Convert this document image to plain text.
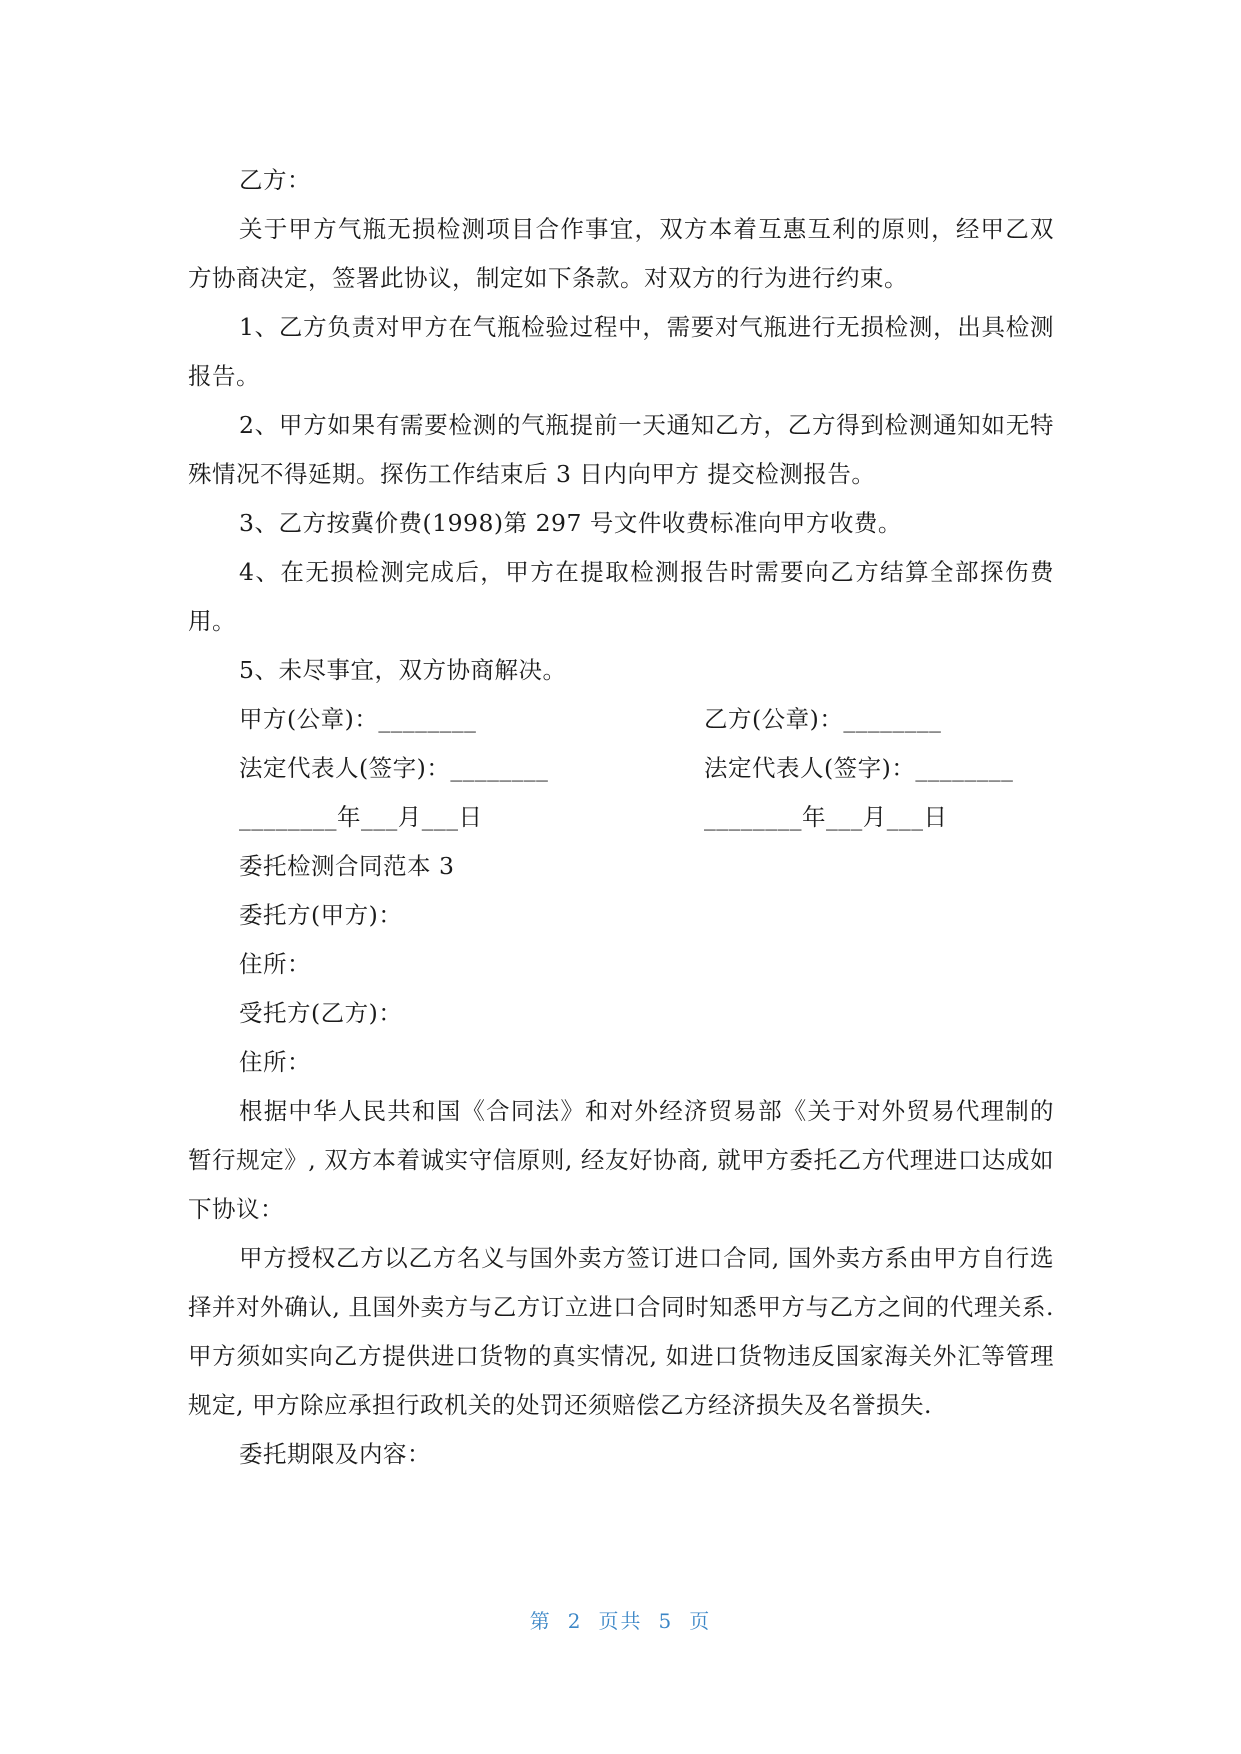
乙方：

关于甲方气瓶无损检测项目合作事宜，双方本着互惠互利的原则，经甲乙双方协商决定，签署此协议，制定如下条款。对双方的行为进行约束。

1、乙方负责对甲方在气瓶检验过程中，需要对气瓶进行无损检测，出具检测报告。

2、甲方如果有需要检测的气瓶提前一天通知乙方，乙方得到检测通知如无特殊情况不得延期。探伤工作结束后 3 日内向甲方 提交检测报告。

3、乙方按冀价费(1998)第 297 号文件收费标准向甲方收费。

4、在无损检测完成后，甲方在提取检测报告时需要向乙方结算全部探伤费用。

5、未尽事宜，双方协商解决。

甲方(公章)：________	乙方(公章)：________
法定代表人(签字)：________	法定代表人(签字)：________
________年___月___日	________年___月___日

委托检测合同范本 3

委托方(甲方)：

住所：

受托方(乙方)：

住所：

根据中华人民共和国《合同法》和对外经济贸易部《关于对外贸易代理制的暂行规定》, 双方本着诚实守信原则, 经友好协商, 就甲方委托乙方代理进口达成如下协议：

甲方授权乙方以乙方名义与国外卖方签订进口合同, 国外卖方系由甲方自行选择并对外确认, 且国外卖方与乙方订立进口合同时知悉甲方与乙方之间的代理关系. 甲方须如实向乙方提供进口货物的真实情况, 如进口货物违反国家海关外汇等管理规定, 甲方除应承担行政机关的处罚还须赔偿乙方经济损失及名誉损失.

委托期限及内容：

第 2 页共 5 页
